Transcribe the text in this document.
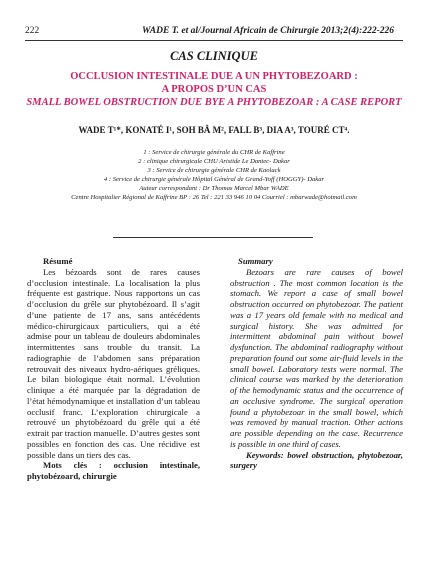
222	WADE T. et al/Journal Africain de Chirurgie 2013;2(4):222-226
CAS CLINIQUE
OCCLUSION INTESTINALE DUE A UN PHYTOBEZOARD :
A PROPOS D’UN CAS
SMALL BOWEL OBSTRUCTION DUE BYE A PHYTOBEZOAR : A CASE REPORT
WADE T¹*, KONATÉ I¹, SOH BÂ M², FALL B³, DIA A³, TOURÉ CT⁴.
1 : Service de chirurgie générale du CHR de Kaffrine
2 : clinique chirurgicale CHU Aristide Le Dantec- Dakar
3 : Service de chirurgie générale CHR de Kaolack
4 : Service de chirurgie générale Hôpital Général de Grand-Yoff (HOGGY)- Dakar
Auteur correspondant : Dr Thomas Marcel Mbar WADE
Centre Hospitalier Régional de Kaffrine BP : 26 Tel : 221 33 946 10 04 Courriel : mbarwade@hotmail.com
Résumé

Les bézoards sont de rares causes d’occlusion intestinale. La localisation la plus fréquente est gastrique. Nous rapportons un cas d’occlusion du grêle sur phytobézoard. Il s’agit d’une patiente de 17 ans, sans antécédents médico-chirurgicaux particuliers, qui a été admise pour un tableau de douleurs abdominales intermittentes sans trouble du transit. La radiographie de l’abdomen sans préparation retrouvait des niveaux hydro-aériques gréliques. Le bilan biologique était normal. L’évolution clinique a été marquée par la dégradation de l’état hémodynamique et installation d’un tableau occlusif franc. L’exploration chirurgicale a retrouvé un phytobézoard du grêle qui a été extrait par traction manuelle. D’autres gestes sont possibles en fonction des cas. Une récidive est possible dans un tiers des cas.

Mots clés : occlusion intestinale, phytobézoard, chirurgie

Summary

Bezoars are rare causes of bowel obstruction . The most common location is the stomach. We report a case of small bowel obstruction occurred on phytobezoar. The patient was a 17 years old female with no medical and surgical history. She was admitted for intermittent abdominal pain without bowel dysfunction. The abdominal radiography without preparation found out some air-fluid levels in the small bowel. Laboratory tests were normal. The clinical course was marked by the deterioration of the hemodynamic status and the occurrence of an occlusive syndrome. The surgical operation found a phytobezoar in the small bowel, which was removed by manual traction. Other actions are possible depending on the case. Recurrence is possible in one third of cases.

Keywords: bowel obstruction, phytobezoar, surgery
